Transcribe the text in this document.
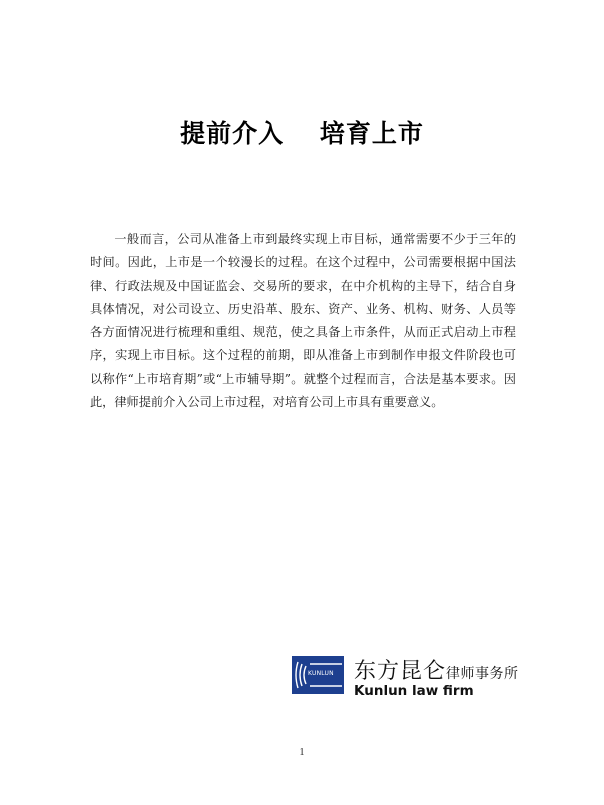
提前介入　 培育上市

一般而言，公司从准备上市到最终实现上市目标，通常需要不少于三年的时间。因此，上市是一个较漫长的过程。在这个过程中，公司需要根据中国法律、行政法规及中国证监会、交易所的要求，在中介机构的主导下，结合自身具体情况，对公司设立、历史沿革、股东、资产、业务、机构、财务、人员等各方面情况进行梳理和重组、规范，使之具备上市条件，从而正式启动上市程序，实现上市目标。这个过程的前期，即从准备上市到制作申报文件阶段也可以称作“上市培育期”或“上市辅导期”。就整个过程而言，合法是基本要求。因此，律师提前介入公司上市过程，对培育公司上市具有重要意义。

KUNLUN 东方昆仑律师事务所
Kunlun law firm
1
